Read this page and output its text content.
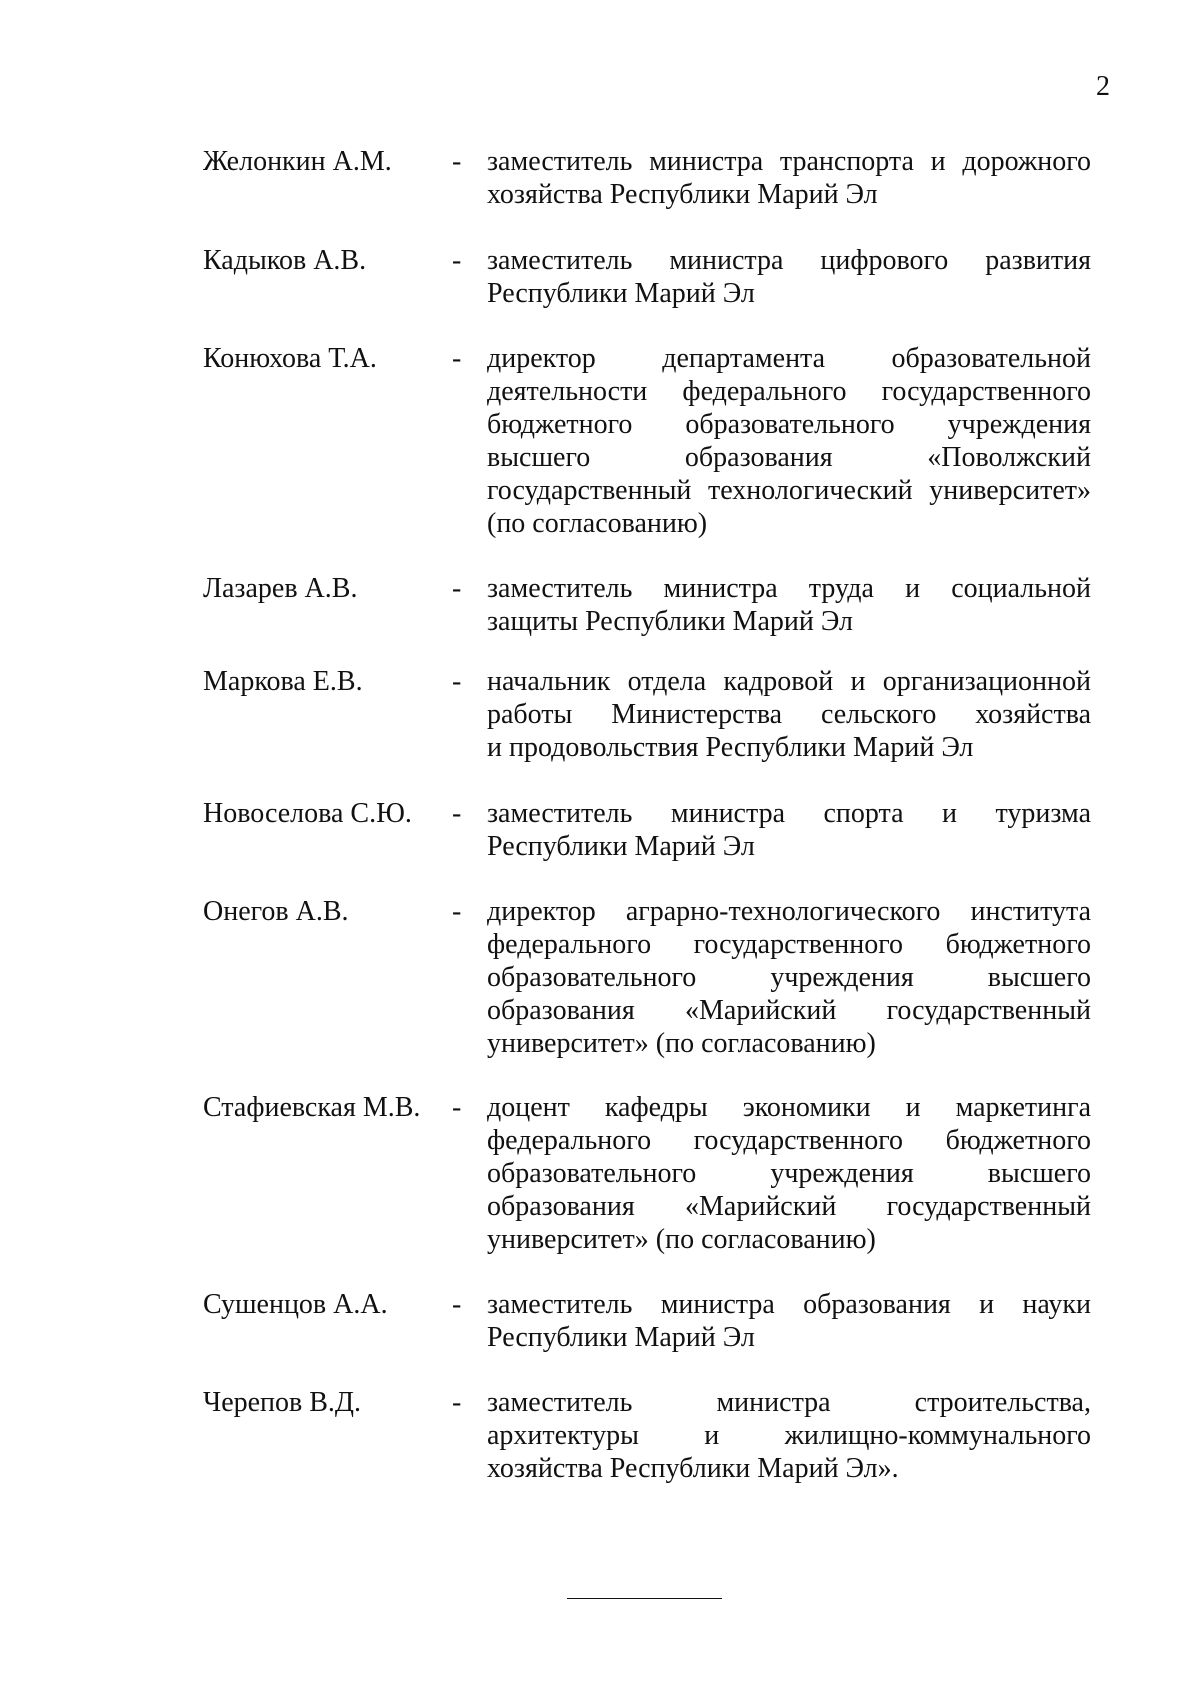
2
Желонкин А.М. - заместитель министра транспорта и дорожного
хозяйства Республики Марий Эл
Кадыков А.В.	- заместитель министра цифрового развития
Республики Марий Эл
Конюхова Т.А.	- директор департамента образовательной
деятельности федерального государственного
бюджетного образовательного учреждения
высшего образования «Поволжский
государственный технологический университет»
(по согласованию)
Лазарев А.В.	- заместитель министра труда и социальной
защиты Республики Марий Эл
Маркова Е.В.	- начальник отдела кадровой и организационной
работы Министерства сельского хозяйства
и продовольствия Республики Марий Эл
Новоселова С.Ю. - заместитель министра спорта и туризма
Республики Марий Эл
Онегов А.В.	- директор аграрно-технологического института
федерального государственного бюджетного
образовательного учреждения высшего
образования «Марийский государственный
университет» (по согласованию)
Стафиевская М.В. - доцент кафедры экономики и маркетинга
федерального государственного бюджетного
образовательного учреждения высшего
образования «Марийский государственный
университет» (по согласованию)
Сушенцов А.А. - заместитель министра образования и науки
Республики Марий Эл
Черепов В.Д.	- заместитель министра строительства,
архитектуры и жилищно-коммунального
хозяйства Республики Марий Эл».
